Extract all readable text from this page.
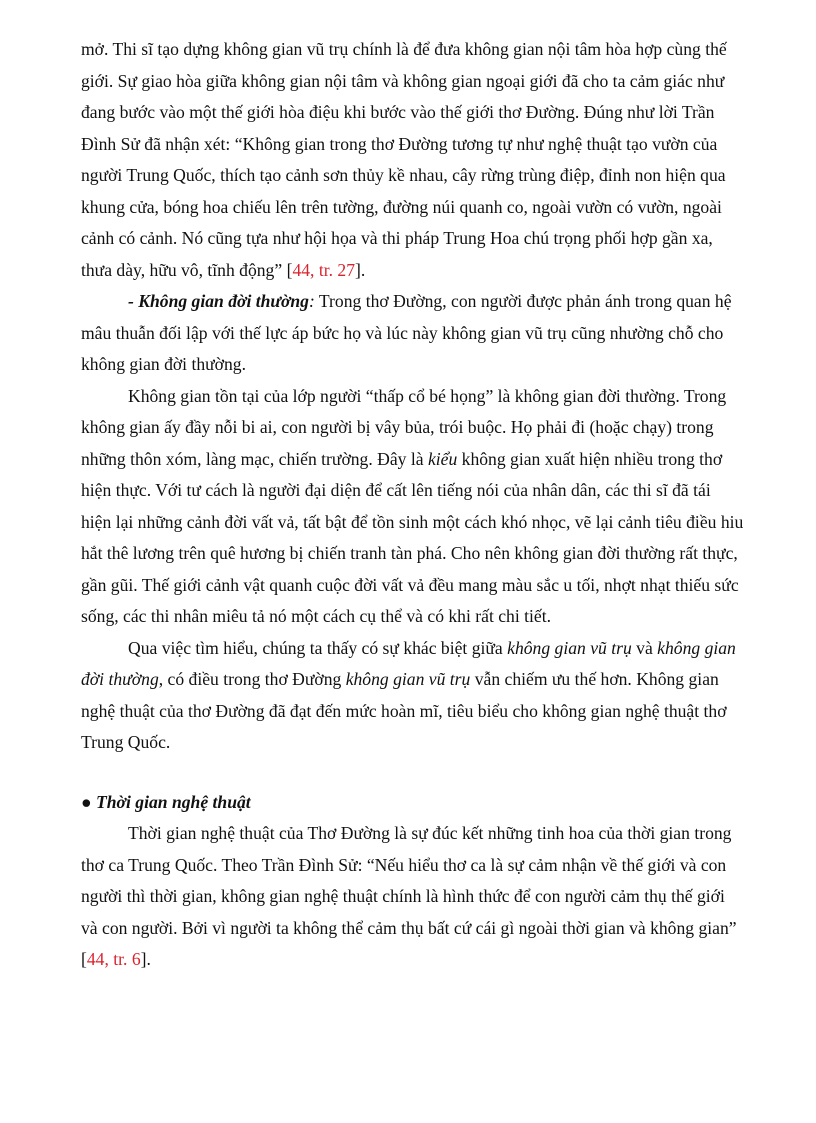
mở. Thi sĩ tạo dựng không gian vũ trụ chính là để đưa không gian nội tâm hòa hợp cùng thế giới. Sự giao hòa giữa không gian nội tâm và không gian ngoại giới đã cho ta cảm giác như đang bước vào một thế giới hòa điệu khi bước vào thế giới thơ Đường. Đúng như lời Trần Đình Sử đã nhận xét: “Không gian trong thơ Đường tương tự như nghệ thuật tạo vườn của người Trung Quốc, thích tạo cảnh sơn thủy kề nhau, cây rừng trùng điệp, đỉnh non hiện qua khung cửa, bóng hoa chiếu lên trên tường, đường núi quanh co, ngoài vườn có vườn, ngoài cảnh có cảnh. Nó cũng tựa như hội họa và thi pháp Trung Hoa chú trọng phối hợp gần xa, thưa dày, hữu vô, tĩnh động” [44, tr. 27].

- Không gian đời thường: Trong thơ Đường, con người được phản ánh trong quan hệ mâu thuẫn đối lập với thế lực áp bức họ và lúc này không gian vũ trụ cũng nhường chỗ cho không gian đời thường.

Không gian tồn tại của lớp người “thấp cổ bé họng” là không gian đời thường. Trong không gian ấy đầy nỗi bi ai, con người bị vây bủa, trói buộc. Họ phải đi (hoặc chạy) trong những thôn xóm, làng mạc, chiến trường. Đây là kiểu không gian xuất hiện nhiều trong thơ hiện thực. Với tư cách là người đại diện để cất lên tiếng nói của nhân dân, các thi sĩ đã tái hiện lại những cảnh đời vất vả, tất bật để tồn sinh một cách khó nhọc, vẽ lại cảnh tiêu điều hiu hắt thê lương trên quê hương bị chiến tranh tàn phá. Cho nên không gian đời thường rất thực, gần gũi. Thế giới cảnh vật quanh cuộc đời vất vả đều mang màu sắc u tối, nhợt nhạt thiếu sức sống, các thi nhân miêu tả nó một cách cụ thể và có khi rất chi tiết.

Qua việc tìm hiểu, chúng ta thấy có sự khác biệt giữa không gian vũ trụ và không gian đời thường, có điều trong thơ Đường không gian vũ trụ vẫn chiếm ưu thế hơn. Không gian nghệ thuật của thơ Đường đã đạt đến mức hoàn mĩ, tiêu biểu cho không gian nghệ thuật thơ Trung Quốc.

● Thời gian nghệ thuật

Thời gian nghệ thuật của Thơ Đường là sự đúc kết những tinh hoa của thời gian trong thơ ca Trung Quốc. Theo Trần Đình Sử: “Nếu hiểu thơ ca là sự cảm nhận về thế giới và con người thì thời gian, không gian nghệ thuật chính là hình thức để con người cảm thụ thế giới và con người. Bởi vì người ta không thể cảm thụ bất cứ cái gì ngoài thời gian và không gian” [44, tr. 6].
